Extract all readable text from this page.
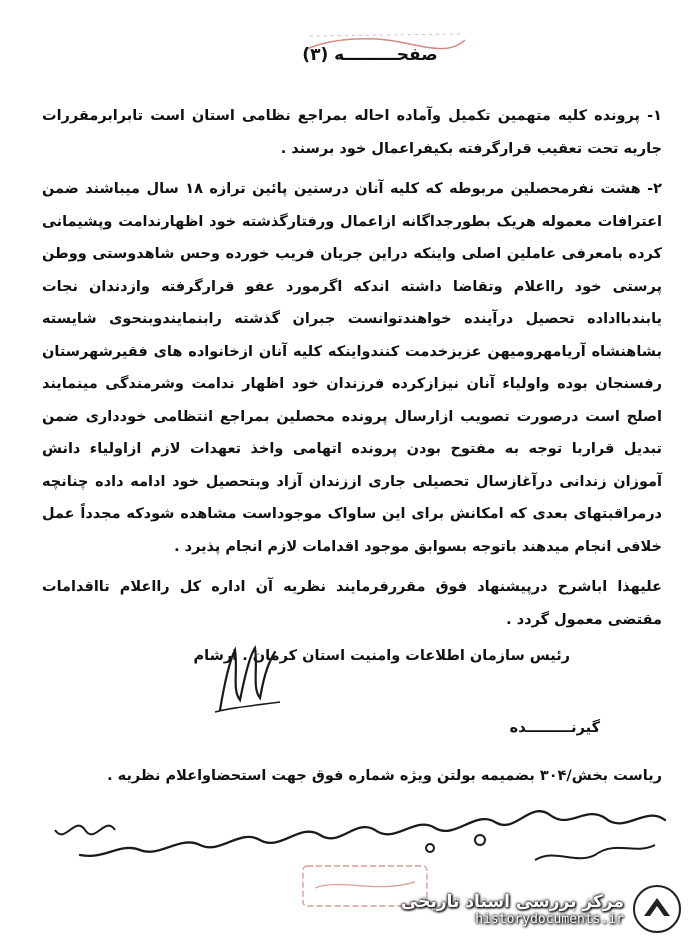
صفحـــــــــه (۳)

۱- پرونده کلیه متهمین تکمیل وآماده احاله بمراجع نظامی استان است تابرابرمقررات جاریه تحت تعقیب قرارگرفته بکیفراعمال خود برسند .

۲- هشت نفرمحصلین مربوطه که کلیه آنان درسنین پائین ترازه ۱۸ سال میباشند ضمن اعترافات معموله هریک بطورجداگانه ازاعمال ورفتارگذشته خود اظهارندامت وپشیمانی کرده بامعرفی عاملین اصلی واینکه دراین جریان فریب خورده وحس شاهدوستی ووطن پرستی خود رااعلام وتقاضا داشته اندکه اگرمورد عفو قرارگرفته وازدندان نجات یابندبااداده تحصیل درآینده خواهندتوانست جبران گذشته رابنمایندوبنحوی شایسته بشاهنشاه آریامهرومیهن عزیزخدمت کنندواینکه کلیه آنان ازخانواده های فقیرشهرستان رفسنجان بوده واولیاء آنان نیزازکرده فرزندان خود اظهار ندامت وشرمندگی مینمایند اصلح است درصورت تصویب ازارسال پرونده محصلین بمراجع انتظامی خودداری ضمن تبدیل قراربا توجه به مفتوح بودن پرونده اتهامی واخذ تعهدات لازم ازاولیاء دانش آموزان زندانی درآغازسال تحصیلی جاری اززندان آزاد وبتحصیل خود ادامه داده چنانچه درمراقبتهای بعدی که امکانش برای این ساواک موجوداست مشاهده شودکه مجدداً عمل خلافی انجام میدهند باتوجه بسوابق موجود اقدامات لازم انجام پذیرد .

علیهذا اباشرح درپیشنهاد فوق مقررفرمایند نظریه آن اداره کل رااعلام تااقدامات مقتضی معمول گردد .

رئیس سازمان اطلاعات وامنیت استان کرمان . ارشام
گیرنـــــــــده
ریاست بخش/۳۰۴ بضمیمه بولتن ویژه شماره فوق جهت استحضاواعلام نظریه .
حسین بطور ایشان ۹۵ ۱۳۵۰ عمری درباره ای ..
مرکز بررسی اسناد تاریخی
historydocuments.ir
